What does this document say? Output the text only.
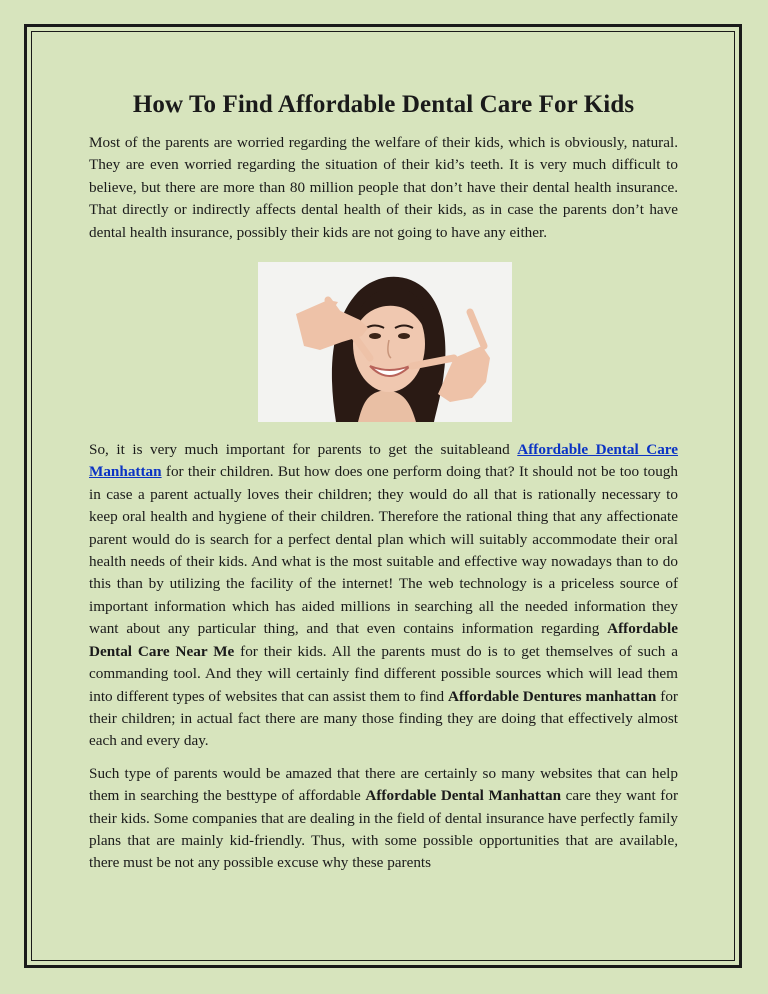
How To Find Affordable Dental Care For Kids

Most of the parents are worried regarding the welfare of their kids, which is obviously, natural. They are even worried regarding the situation of their kid’s teeth. It is very much difficult to believe, but there are more than 80 million people that don’t have their dental health insurance. That directly or indirectly affects dental health of their kids, as in case the parents don’t have dental health insurance, possibly their kids are not going to have any either.

So, it is very much important for parents to get the suitableand Affordable Dental Care Manhattan for their children. But how does one perform doing that? It should not be too tough in case a parent actually loves their children; they would do all that is rationally necessary to keep oral health and hygiene of their children. Therefore the rational thing that any affectionate parent would do is search for a perfect dental plan which will suitably accommodate their oral health needs of their kids. And what is the most suitable and effective way nowadays than to do this than by utilizing the facility of the internet! The web technology is a priceless source of important information which has aided millions in searching all the needed information they want about any particular thing, and that even contains information regarding Affordable Dental Care Near Me for their kids. All the parents must do is to get themselves of such a commanding tool. And they will certainly find different possible sources which will lead them into different types of websites that can assist them to find Affordable Dentures manhattan for their children; in actual fact there are many those finding they are doing that effectively almost each and every day.

Such type of parents would be amazed that there are certainly so many websites that can help them in searching the besttype of affordable Affordable Dental Manhattan care they want for their kids. Some companies that are dealing in the field of dental insurance have perfectly family plans that are mainly kid-friendly. Thus, with some possible opportunities that are available, there must be not any possible excuse why these parents
